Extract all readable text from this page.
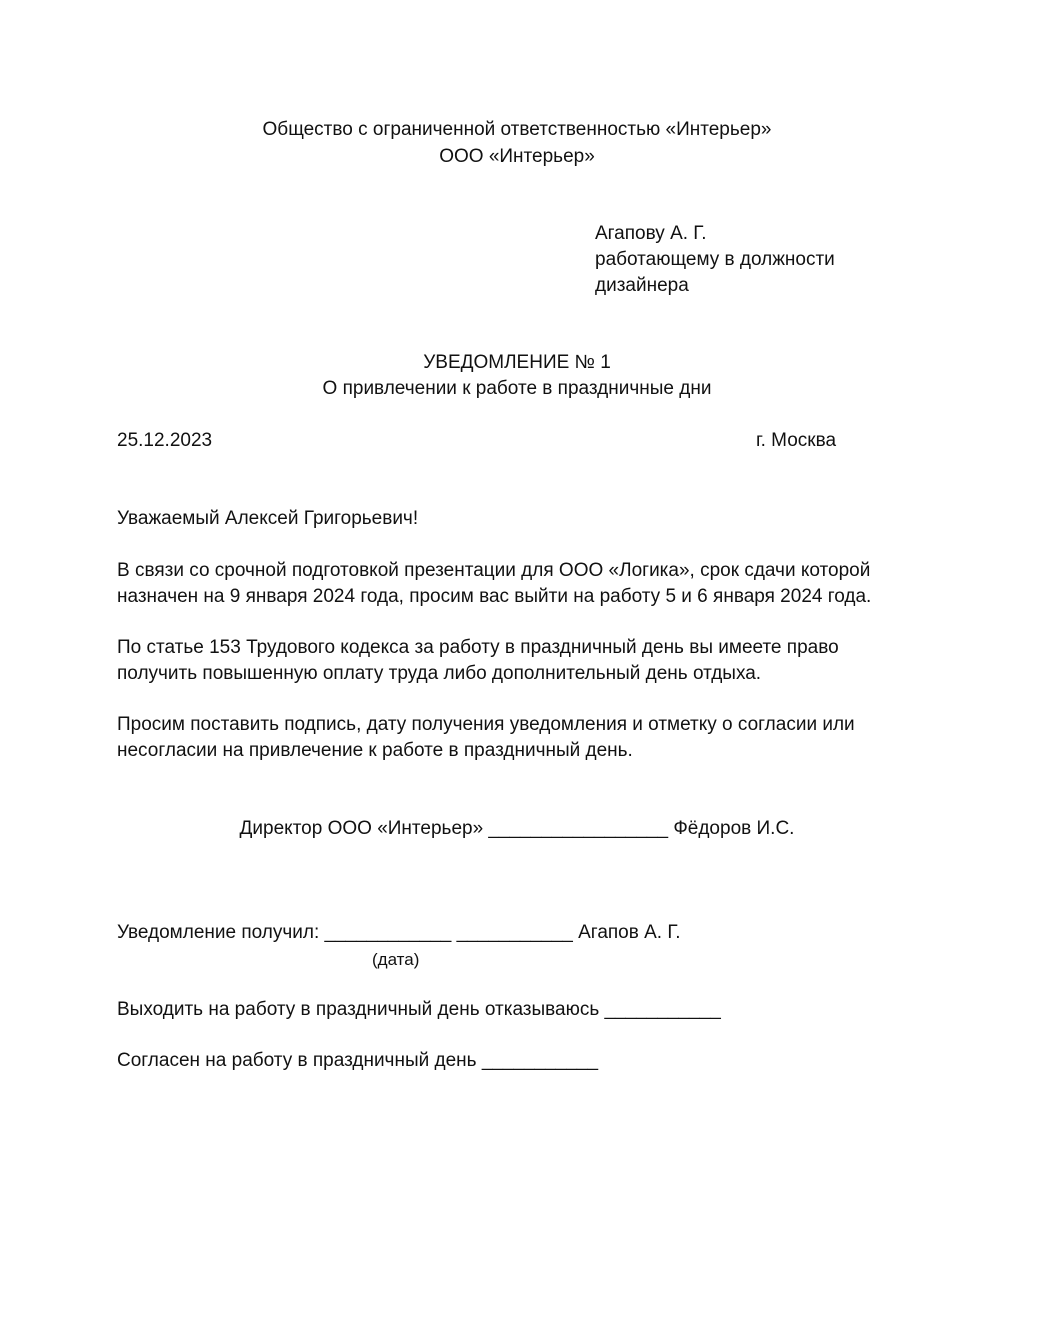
Общество с ограниченной ответственностью «Интерьер»
ООО «Интерьер»
Агапову А. Г.
работающему в должности
дизайнера
УВЕДОМЛЕНИЕ № 1
О привлечении к работе в праздничные дни
25.12.2023	г. Москва
Уважаемый Алексей Григорьевич!
В связи со срочной подготовкой презентации для ООО «Логика», срок сдачи которой
назначен на 9 января 2024 года, просим вас выйти на работу 5 и 6 января 2024 года.
По статье 153 Трудового кодекса за работу в праздничный день вы имеете право
получить повышенную оплату труда либо дополнительный день отдыха.
Просим поставить подпись, дату получения уведомления и отметку о согласии или
несогласии на привлечение к работе в праздничный день.
Директор ООО «Интерьер» _________________ Фёдоров И.С.
Уведомление получил: ____________ ___________ Агапов А. Г.
(дата)
Выходить на работу в праздничный день отказываюсь ___________
Согласен на работу в праздничный день ___________
